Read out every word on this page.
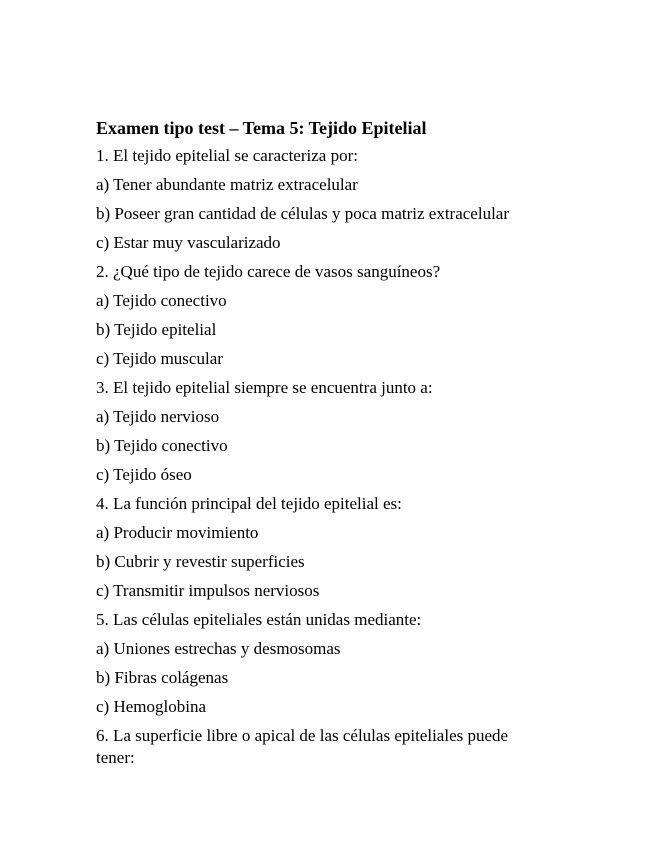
Examen tipo test – Tema 5: Tejido Epitelial
1. El tejido epitelial se caracteriza por:
a) Tener abundante matriz extracelular
b) Poseer gran cantidad de células y poca matriz extracelular
c) Estar muy vascularizado
2. ¿Qué tipo de tejido carece de vasos sanguíneos?
a) Tejido conectivo
b) Tejido epitelial
c) Tejido muscular
3. El tejido epitelial siempre se encuentra junto a:
a) Tejido nervioso
b) Tejido conectivo
c) Tejido óseo
4. La función principal del tejido epitelial es:
a) Producir movimiento
b) Cubrir y revestir superficies
c) Transmitir impulsos nerviosos
5. Las células epiteliales están unidas mediante:
a) Uniones estrechas y desmosomas
b) Fibras colágenas
c) Hemoglobina
6. La superficie libre o apical de las células epiteliales puede tener:
